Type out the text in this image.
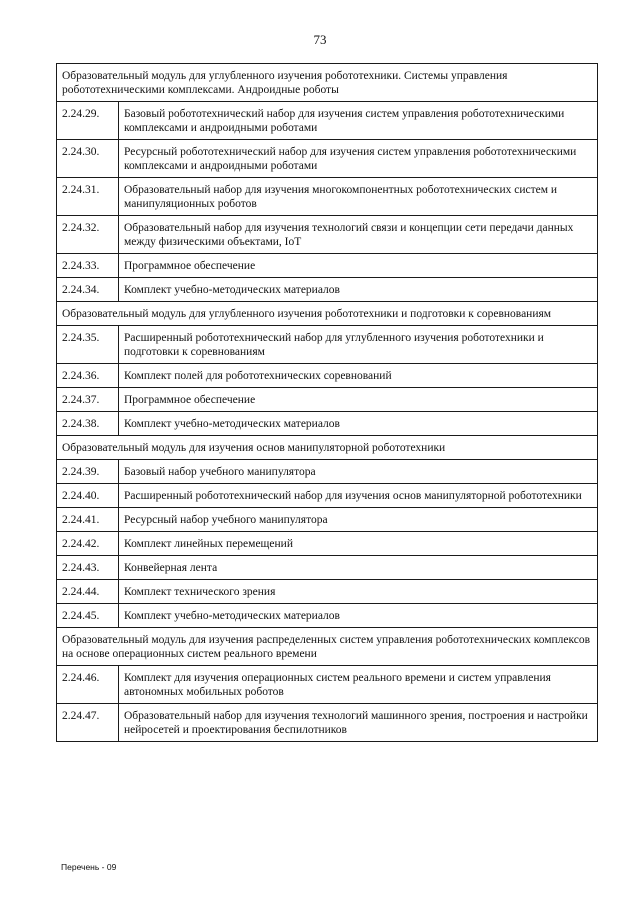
73
Образовательный модуль для углубленного изучения робототехники. Системы управления робототехническими комплексами. Андроидные роботы	
2.24.29.	Базовый робототехнический набор для изучения систем управления робототехническими комплексами и андроидными роботами
2.24.30.	Ресурсный робототехнический набор для изучения систем управления робототехническими комплексами и андроидными роботами
2.24.31.	Образовательный набор для изучения многокомпонентных робототехнических систем и манипуляционных роботов
2.24.32.	Образовательный набор для изучения технологий связи и концепции сети передачи данных между физическими объектами, IoT
2.24.33.	Программное обеспечение
2.24.34.	Комплект учебно-методических материалов
Образовательный модуль для углубленного изучения робототехники и подготовки к соревнованиям	
2.24.35.	Расширенный робототехнический набор для углубленного изучения робототехники и подготовки к соревнованиям
2.24.36.	Комплект полей для робототехнических соревнований
2.24.37.	Программное обеспечение
2.24.38.	Комплект учебно-методических материалов
Образовательный модуль для изучения основ манипуляторной робототехники	
2.24.39.	Базовый набор учебного манипулятора
2.24.40.	Расширенный робототехнический набор для изучения основ манипуляторной робототехники
2.24.41.	Ресурсный набор учебного манипулятора
2.24.42.	Комплект линейных перемещений
2.24.43.	Конвейерная лента
2.24.44.	Комплект технического зрения
2.24.45.	Комплект учебно-методических материалов
Образовательный модуль для изучения распределенных систем управления робототехнических комплексов на основе операционных систем реального времени	
2.24.46.	Комплект для изучения операционных систем реального времени и систем управления автономных мобильных роботов
2.24.47.	Образовательный набор для изучения технологий машинного зрения, построения и настройки нейросетей и проектирования беспилотников
Перечень - 09
